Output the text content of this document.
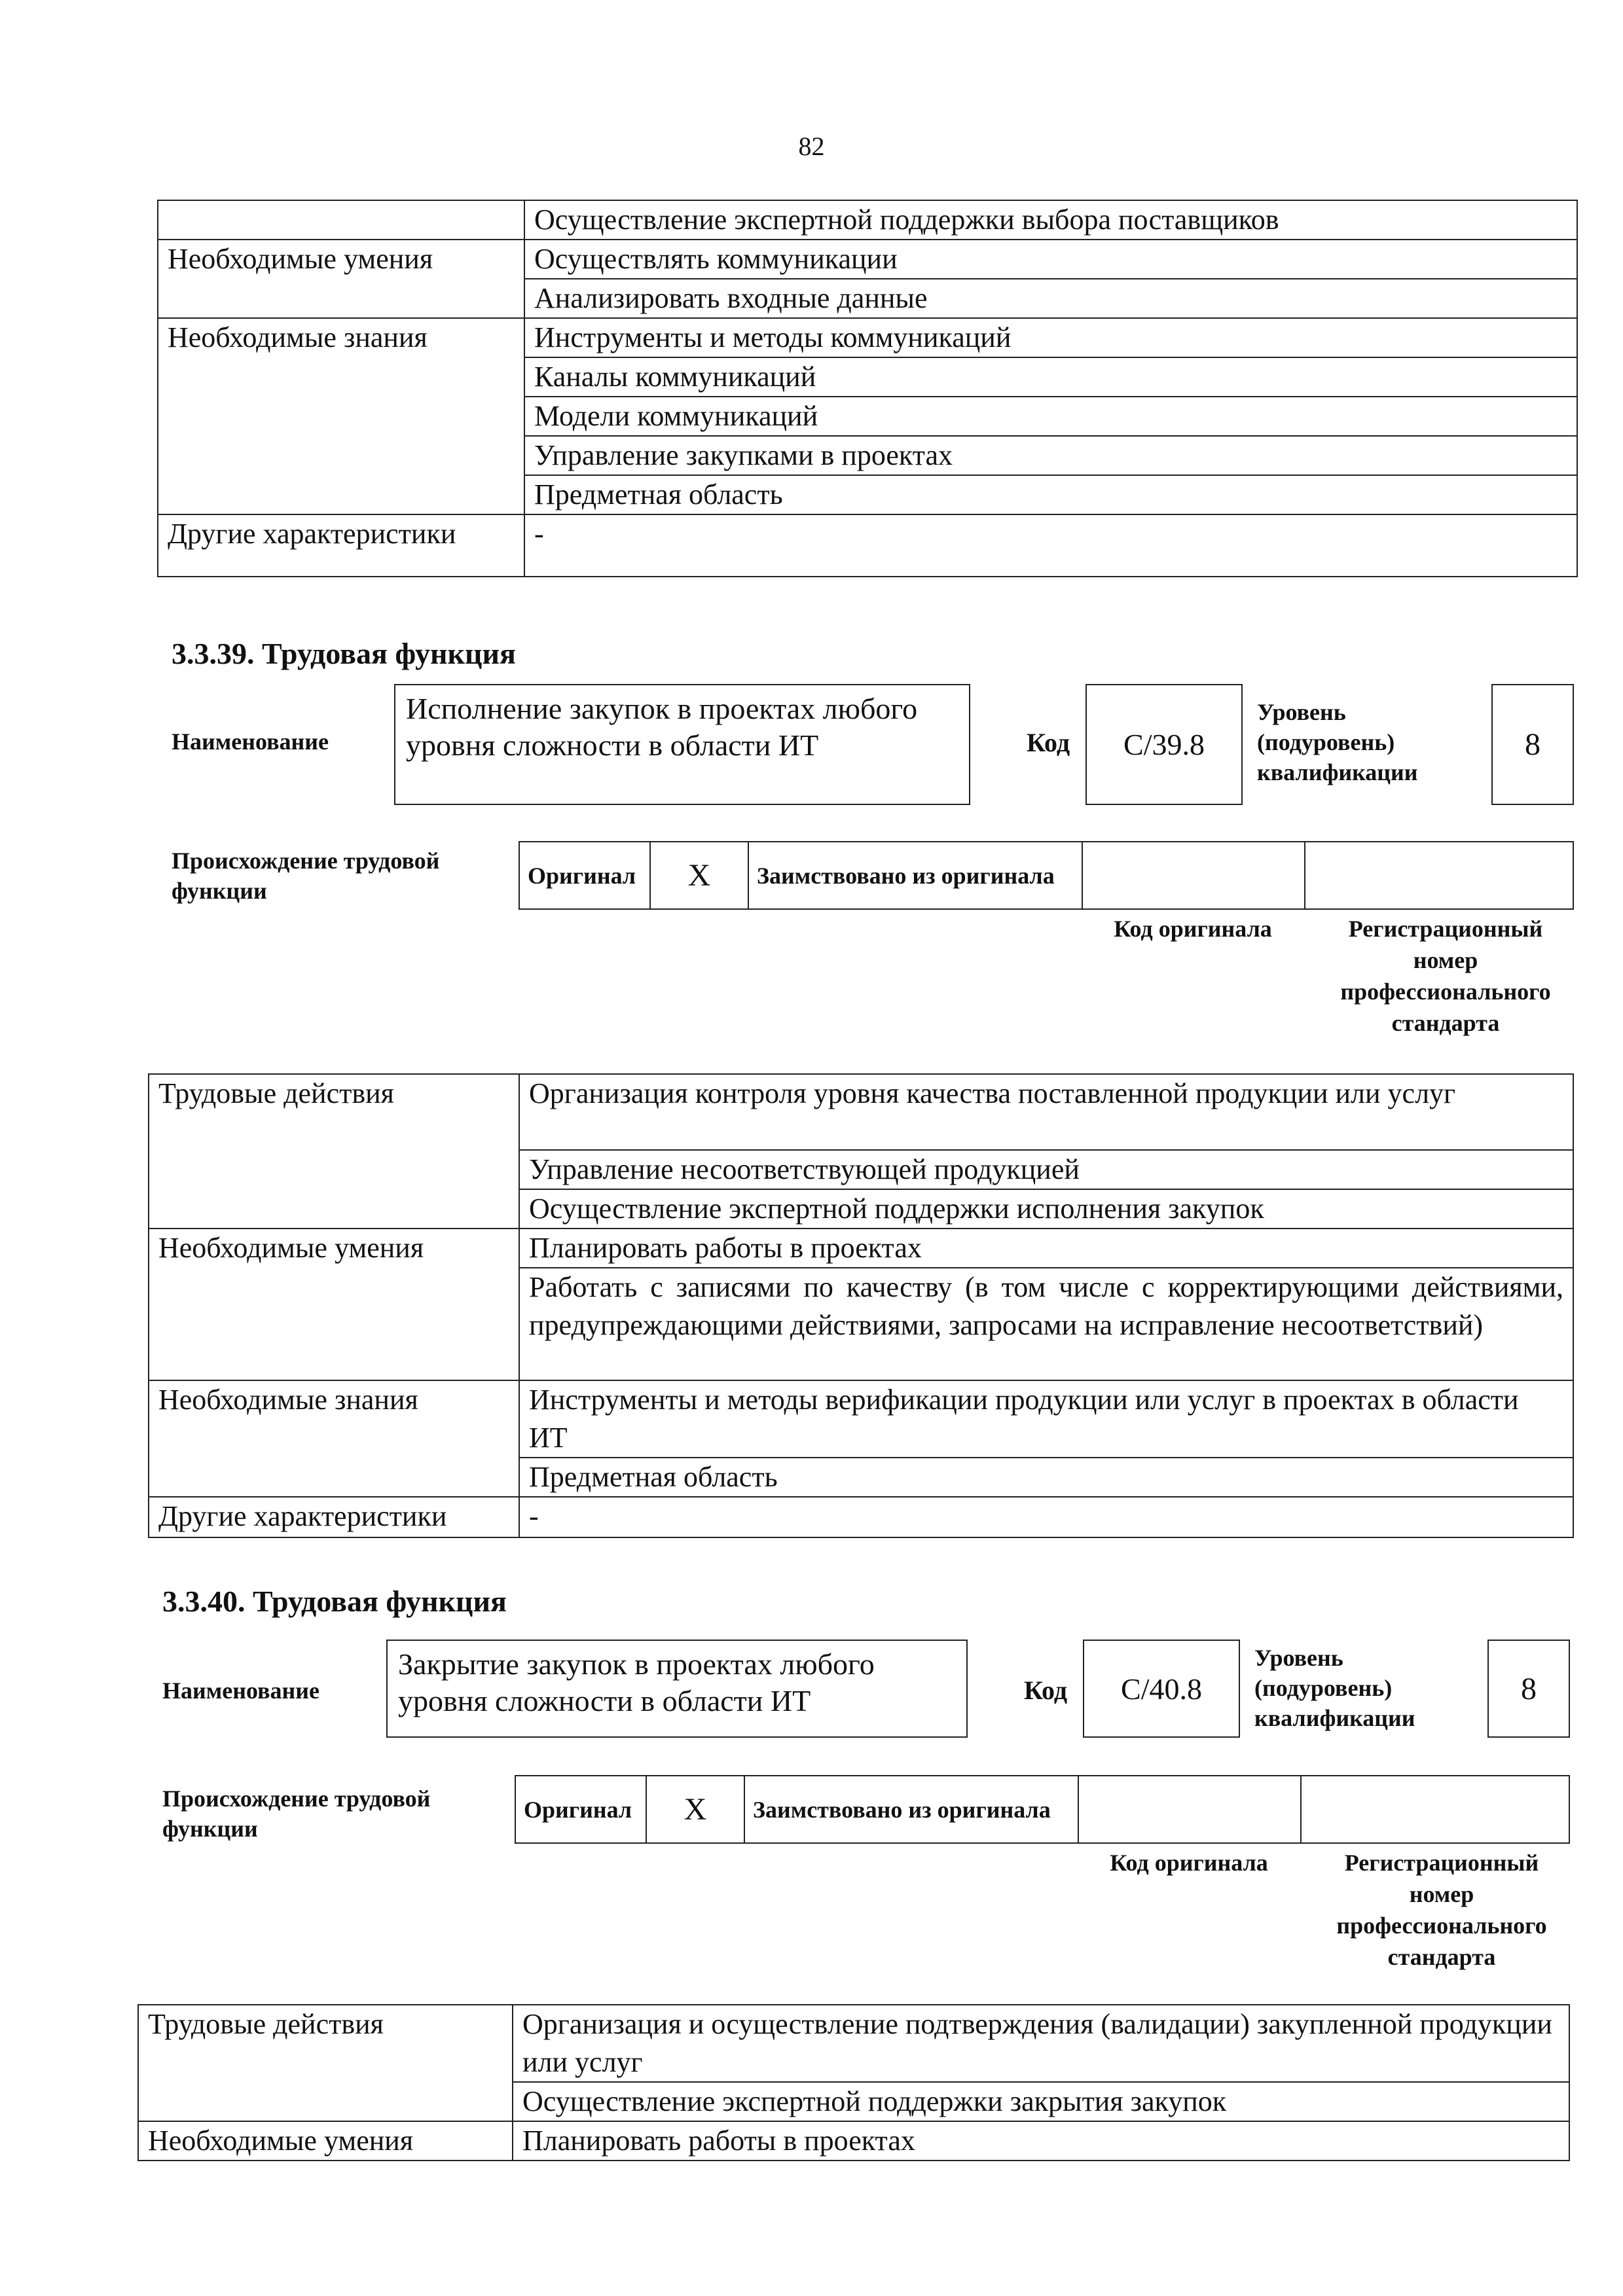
82
	Осуществление экспертной поддержки выбора поставщиков
Необходимые умения	Осуществлять коммуникации
	Анализировать входные данные
Необходимые знания	Инструменты и методы коммуникаций
	Каналы коммуникаций
	Модели коммуникаций
	Управление закупками в проектах
	Предметная область
Другие характеристики	-
3.3.39. Трудовая функция
Наименование
Исполнение закупок в проектах любого уровня сложности в области ИТ	Код	С/39.8
Уровень (подуровень) квалификации
8
Происхождение трудовой функции
Оригинал	X	Заимствовано из оригинала		
Код оригинала	Регистрационный номер профессионального стандарта
Трудовые действия	Организация контроля уровня качества поставленной продукции или услуг
	Управление несоответствующей продукцией
	Осуществление экспертной поддержки исполнения закупок
Необходимые умения	Планировать работы в проектах
	Работать с записями по качеству (в том числе с корректирующими действиями, предупреждающими действиями, запросами на исправление несоответствий)
Необходимые знания	Инструменты и методы верификации продукции или услуг в проектах в области ИТ
	Предметная область
Другие характеристики	-
3.3.40. Трудовая функция
Наименование
Закрытие закупок в проектах любого уровня сложности в области ИТ	Код	С/40.8
Уровень (подуровень) квалификации
8
Происхождение трудовой функции
Оригинал	X	Заимствовано из оригинала		
Код оригинала	Регистрационный номер профессионального стандарта
Трудовые действия	Организация и осуществление подтверждения (валидации) закупленной продукции или услуг
	Осуществление экспертной поддержки закрытия закупок
Необходимые умения	Планировать работы в проектах
